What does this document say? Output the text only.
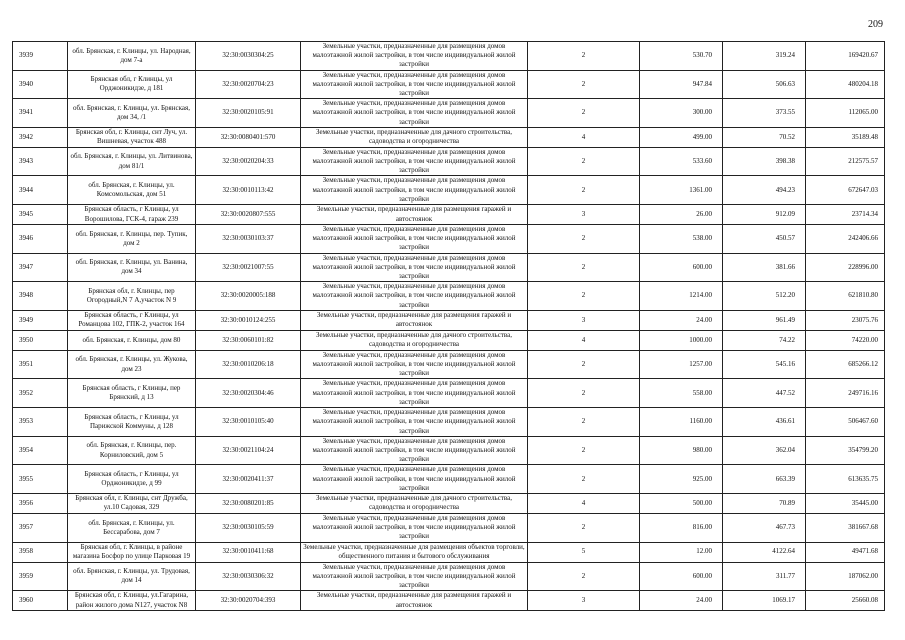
209
3939	обл. Брянская, г. Клинцы, ул. Народная, дом 7-а	32:30:0030304:25	Земельные участки, предназначенные для размещения домов малоэтажной жилой застройки, в том числе индивидуальной жилой застройки	2	530.70	319.24	169420.67
3940	Брянская обл, г Клинцы, ул Орджоникидзе, д 181	32:30:0020704:23	Земельные участки, предназначенные для размещения домов малоэтажной жилой застройки, в том числе индивидуальной жилой застройки	2	947.84	506.63	480204.18
3941	обл. Брянская, г. Клинцы, ул. Брянская, дом 34, /1	32:30:0020105:91	Земельные участки, предназначенные для размещения домов малоэтажной жилой застройки, в том числе индивидуальной жилой застройки	2	300.00	373.55	112065.00
3942	Брянская обл, г. Клинцы, снт Луч, ул. Вишневая, участок 488	32:30:0080401:570	Земельные участки, предназначенные для дачного строительства, садоводства и огородничества	4	499.00	70.52	35189.48
3943	обл. Брянская, г. Клинцы, ул. Литвинова, дом 81/1	32:30:0020204:33	Земельные участки, предназначенные для размещения домов малоэтажной жилой застройки, в том числе индивидуальной жилой застройки	2	533.60	398.38	212575.57
3944	обл. Брянская, г. Клинцы, ул. Комсомольская, дом 51	32:30:0010113:42	Земельные участки, предназначенные для размещения домов малоэтажной жилой застройки, в том числе индивидуальной жилой застройки	2	1361.00	494.23	672647.03
3945	Брянская область, г Клинцы, ул Ворошилова, ГСК-4, гараж 239	32:30:0020807:555	Земельные участки, предназначенные для размещения гаражей и автостоянок	3	26.00	912.09	23714.34
3946	обл. Брянская, г. Клинцы, пер. Тупик, дом 2	32:30:0030103:37	Земельные участки, предназначенные для размещения домов малоэтажной жилой застройки, в том числе индивидуальной жилой застройки	2	538.00	450.57	242406.66
3947	обл. Брянская, г. Клинцы, ул. Ванина, дом 34	32:30:0021007:55	Земельные участки, предназначенные для размещения домов малоэтажной жилой застройки, в том числе индивидуальной жилой застройки	2	600.00	381.66	228996.00
3948	Брянская обл, г. Клинцы, пер Огородный,N 7 А,участок N 9	32:30:0020005:188	Земельные участки, предназначенные для размещения домов малоэтажной жилой застройки, в том числе индивидуальной жилой застройки	2	1214.00	512.20	621810.80
3949	Брянская область, г Клинцы, ул Романцова 102, ГПК-2, участок 164	32:30:0010124:255	Земельные участки, предназначенные для размещения гаражей и автостоянок	3	24.00	961.49	23075.76
3950	обл. Брянская, г. Клинцы, дом 80	32:30:0060101:82	Земельные участки, предназначенные для дачного строительства, садоводства и огородничества	4	1000.00	74.22	74220.00
3951	обл. Брянская, г. Клинцы, ул. Жукова, дом 23	32:30:0010206:18	Земельные участки, предназначенные для размещения домов малоэтажной жилой застройки, в том числе индивидуальной жилой застройки	2	1257.00	545.16	685266.12
3952	Брянская область, г Клинцы, пер Брянский, д 13	32:30:0020304:46	Земельные участки, предназначенные для размещения домов малоэтажной жилой застройки, в том числе индивидуальной жилой застройки	2	558.00	447.52	249716.16
3953	Брянская область, г Клинцы, ул Парижской Коммуны, д 128	32:30:0010105:40	Земельные участки, предназначенные для размещения домов малоэтажной жилой застройки, в том числе индивидуальной жилой застройки	2	1160.00	436.61	506467.60
3954	обл. Брянская, г. Клинцы, пер. Корниловский, дом 5	32:30:0021104:24	Земельные участки, предназначенные для размещения домов малоэтажной жилой застройки, в том числе индивидуальной жилой застройки	2	980.00	362.04	354799.20
3955	Брянская область, г Клинцы, ул Орджоникидзе, д 99	32:30:0020411:37	Земельные участки, предназначенные для размещения домов малоэтажной жилой застройки, в том числе индивидуальной жилой застройки	2	925.00	663.39	613635.75
3956	Брянская обл, г. Клинцы, снт Дружба, ул.10 Садовая, 329	32:30:0080201:85	Земельные участки, предназначенные для дачного строительства, садоводства и огородничества	4	500.00	70.89	35445.00
3957	обл. Брянская, г. Клинцы, ул. Бессарабова, дом 7	32:30:0030105:59	Земельные участки, предназначенные для размещения домов малоэтажной жилой застройки, в том числе индивидуальной жилой застройки	2	816.00	467.73	381667.68
3958	Брянская обл, г. Клинцы, в районе магазина Босфор по улице Парковая 19	32:30:0010411:68	Земельные участки, предназначенные для размещения объектов торговли, общественного питания и бытового обслуживания	5	12.00	4122.64	49471.68
3959	обл. Брянская, г. Клинцы, ул. Трудовая, дом 14	32:30:0030306:32	Земельные участки, предназначенные для размещения домов малоэтажной жилой застройки, в том числе индивидуальной жилой застройки	2	600.00	311.77	187062.00
3960	Брянская обл, г. Клинцы, ул.Гагарина, район жилого дома N127, участок N8	32:30:0020704:393	Земельные участки, предназначенные для размещения гаражей и автостоянок	3	24.00	1069.17	25660.08
